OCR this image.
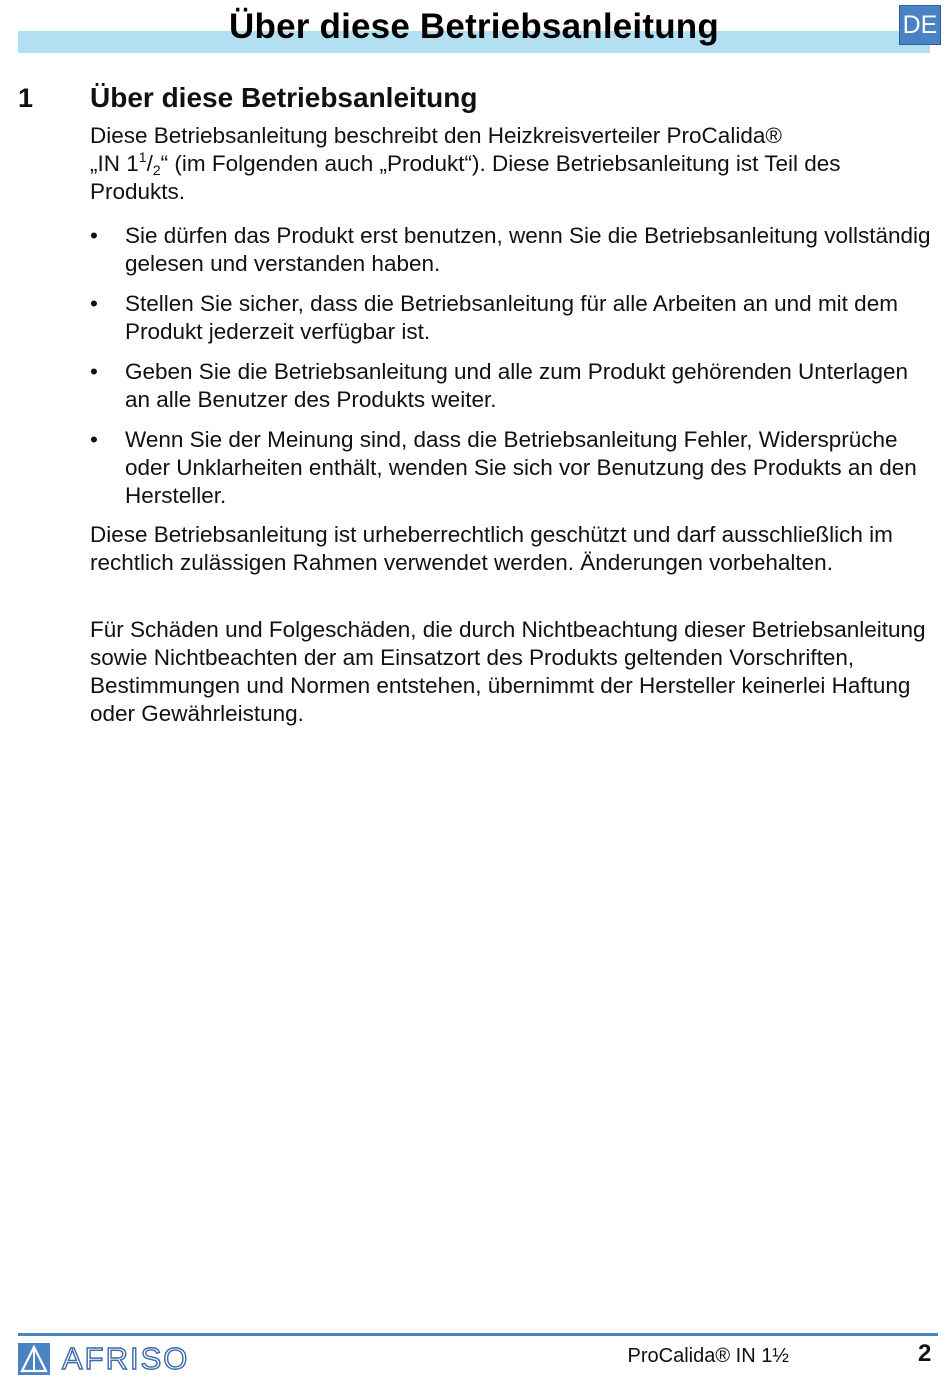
Über diese Betriebsanleitung	DE
1 Über diese Betriebsanleitung

Diese Betriebsanleitung beschreibt den Heizkreisverteiler ProCalida®
„IN $1^1/_2“$ (im Folgenden auch „Produkt“). Diese Betriebsanleitung ist Teil des Produkts.

• Sie dürfen das Produkt erst benutzen, wenn Sie die Betriebsanleitung vollständig gelesen und verstanden haben.
• Stellen Sie sicher, dass die Betriebsanleitung für alle Arbeiten an und mit dem Produkt jederzeit verfügbar ist.
• Geben Sie die Betriebsanleitung und alle zum Produkt gehörenden Unterlagen an alle Benutzer des Produkts weiter.
• Wenn Sie der Meinung sind, dass die Betriebsanleitung Fehler, Widersprüche oder Unklarheiten enthält, wenden Sie sich vor Benutzung des Produkts an den Hersteller.

Diese Betriebsanleitung ist urheberrechtlich geschützt und darf ausschließlich im rechtlich zulässigen Rahmen verwendet werden. Änderungen vorbehalten.

Für Schäden und Folgeschäden, die durch Nichtbeachtung dieser Betriebsanleitung sowie Nichtbeachten der am Einsatzort des Produkts geltenden Vorschriften, Bestimmungen und Normen entstehen, übernimmt der Hersteller keinerlei Haftung oder Gewährleistung.

AFRISO	ProCalida® IN 1½	2
